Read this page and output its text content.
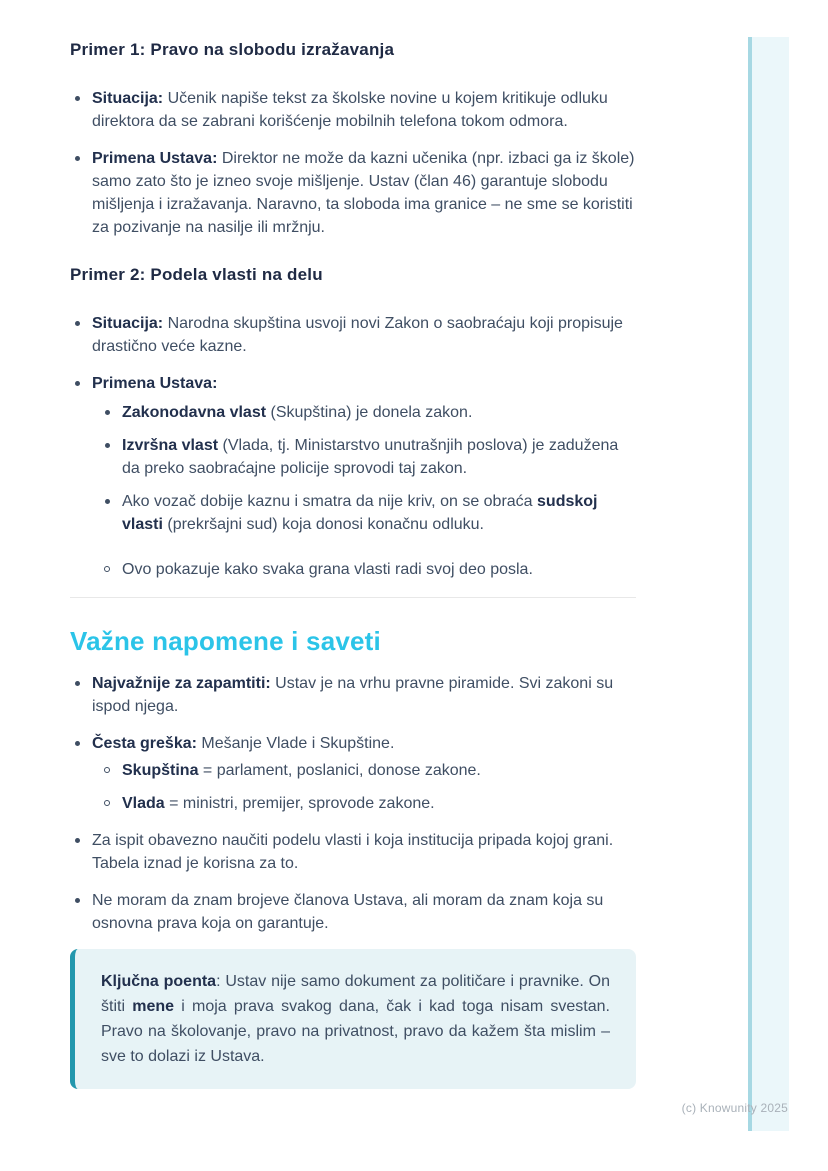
Primer 1: Pravo na slobodu izražavanja
Situacija: Učenik napiše tekst za školske novine u kojem kritikuje odluku direktora da se zabrani korišćenje mobilnih telefona tokom odmora.
Primena Ustava: Direktor ne može da kazni učenika (npr. izbaci ga iz škole) samo zato što je izneo svoje mišljenje. Ustav (član 46) garantuje slobodu mišljenja i izražavanja. Naravno, ta sloboda ima granice – ne sme se koristiti za pozivanje na nasilje ili mržnju.
Primer 2: Podela vlasti na delu
Situacija: Narodna skupština usvoji novi Zakon o saobraćaju koji propisuje drastično veće kazne.
Primena Ustava:
Zakonodavna vlast (Skupština) je donela zakon.
Izvršna vlast (Vlada, tj. Ministarstvo unutrašnjih poslova) je zadužena da preko saobraćajne policije sprovodi taj zakon.
Ako vozač dobije kaznu i smatra da nije kriv, on se obraća sudskoj vlasti (prekršajni sud) koja donosi konačnu odluku.
Ovo pokazuje kako svaka grana vlasti radi svoj deo posla.
Važne napomene i saveti
Najvažnije za zapamtiti: Ustav je na vrhu pravne piramide. Svi zakoni su ispod njega.
Česta greška: Mešanje Vlade i Skupštine.
Skupština = parlament, poslanici, donose zakone.
Vlada = ministri, premijer, sprovode zakone.
Za ispit obavezno naučiti podelu vlasti i koja institucija pripada kojoj grani. Tabela iznad je korisna za to.
Ne moram da znam brojeve članova Ustava, ali moram da znam koja su osnovna prava koja on garantuje.

Ključna poenta: Ustav nije samo dokument za političare i pravnike. On štiti mene i moja prava svakog dana, čak i kad toga nisam svestan. Pravo na školovanje, pravo na privatnost, pravo da kažem šta mislim – sve to dolazi iz Ustava.

(c) Knowunity 2025
